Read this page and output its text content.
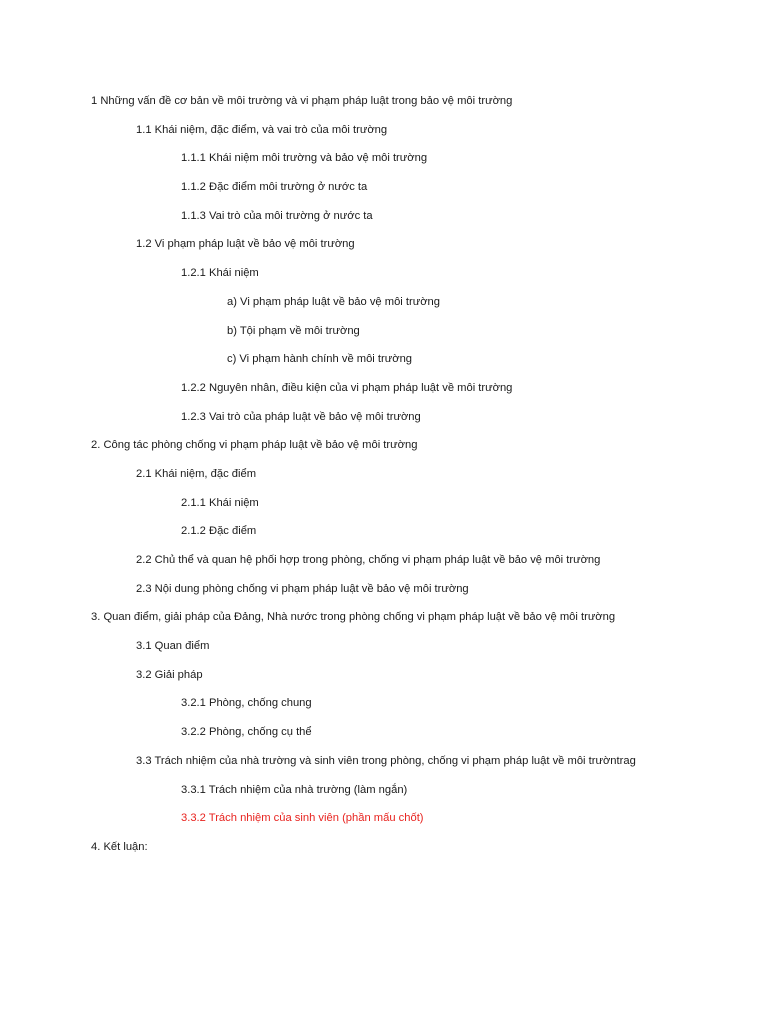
1 Những vấn đề cơ bản về môi trường và vi phạm pháp luật trong bảo vệ môi trường
1.1 Khái niệm, đặc điểm, và vai trò của môi trường
1.1.1 Khái niệm môi trường và bảo vệ môi trường
1.1.2 Đặc điểm môi trường ở nước ta
1.1.3 Vai trò của môi trường ở nước ta
1.2 Vi phạm pháp luật về bảo vệ môi trường
1.2.1 Khái niệm
a) Vi phạm pháp luật về bảo vệ môi trường
b) Tội phạm về môi trường
c) Vi phạm hành chính về môi trường
1.2.2 Nguyên nhân, điều kiện của vi phạm pháp luật về môi trường
1.2.3 Vai trò của pháp luật về bảo vệ môi trường
2. Công tác phòng chống vi phạm pháp luật về bảo vệ môi trường
2.1 Khái niệm, đặc điểm
2.1.1 Khái niệm
2.1.2 Đặc điểm
2.2 Chủ thể và quan hệ phối hợp trong phòng, chống vi phạm pháp luật về bảo vệ môi trường
2.3 Nội dung phòng chống vi phạm pháp luật về bảo vệ môi trường
3. Quan điểm, giải pháp của Đảng, Nhà nước trong phòng chống vi phạm pháp luật về bảo vệ môi trường
3.1 Quan điểm
3.2 Giải pháp
3.2.1 Phòng, chống chung
3.2.2 Phòng, chống cụ thể
3.3 Trách nhiệm của nhà trường và sinh viên trong phòng, chống vi phạm pháp luật về môi trườntrag
3.3.1 Trách nhiệm của nhà trường (làm ngắn)
3.3.2 Trách nhiệm của sinh viên (phần mấu chốt)
4. Kết luận:
